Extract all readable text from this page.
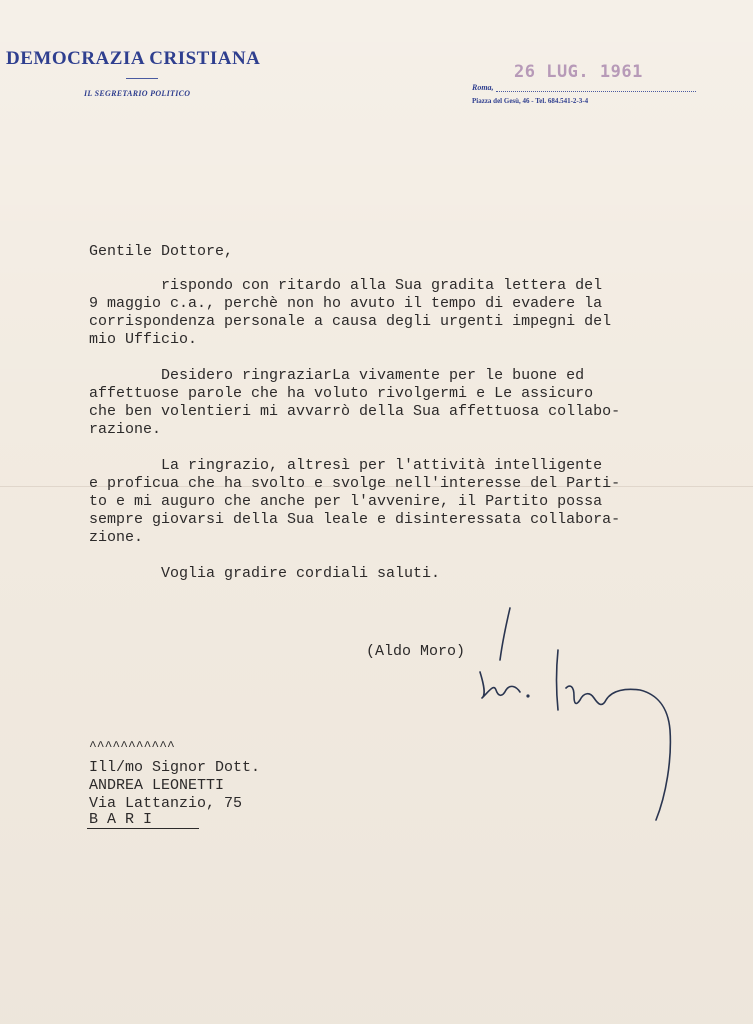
DEMOCRAZIA CRISTIANA
IL SEGRETARIO POLITICO
26 LUG. 1961
Roma,
Piazza del Gesù, 46 - Tel. 684.541-2-3-4
Gentile Dottore,
rispondo con ritardo alla Sua gradita lettera del
9 maggio c.a., perchè non ho avuto il tempo di evadere la
corrispondenza personale a causa degli urgenti impegni del
mio Ufficio.
Desidero ringraziarLa vivamente per le buone ed
affettuose parole che ha voluto rivolgermi e Le assicuro
che ben volentieri mi avvarrò della Sua affettuosa collabo-
razione.
La ringrazio, altresì per l'attività intelligente
e proficua che ha svolto e svolge nell'interesse del Parti-
to e mi auguro che anche per l'avvenire, il Partito possa
sempre giovarsi della Sua leale e disinteressata collabora-
zione.
Voglia gradire cordiali saluti.
(Aldo Moro)
^^^^^^^^^^^
Ill/mo Signor Dott.
ANDREA LEONETTI
Via Lattanzio, 75
B A R I
